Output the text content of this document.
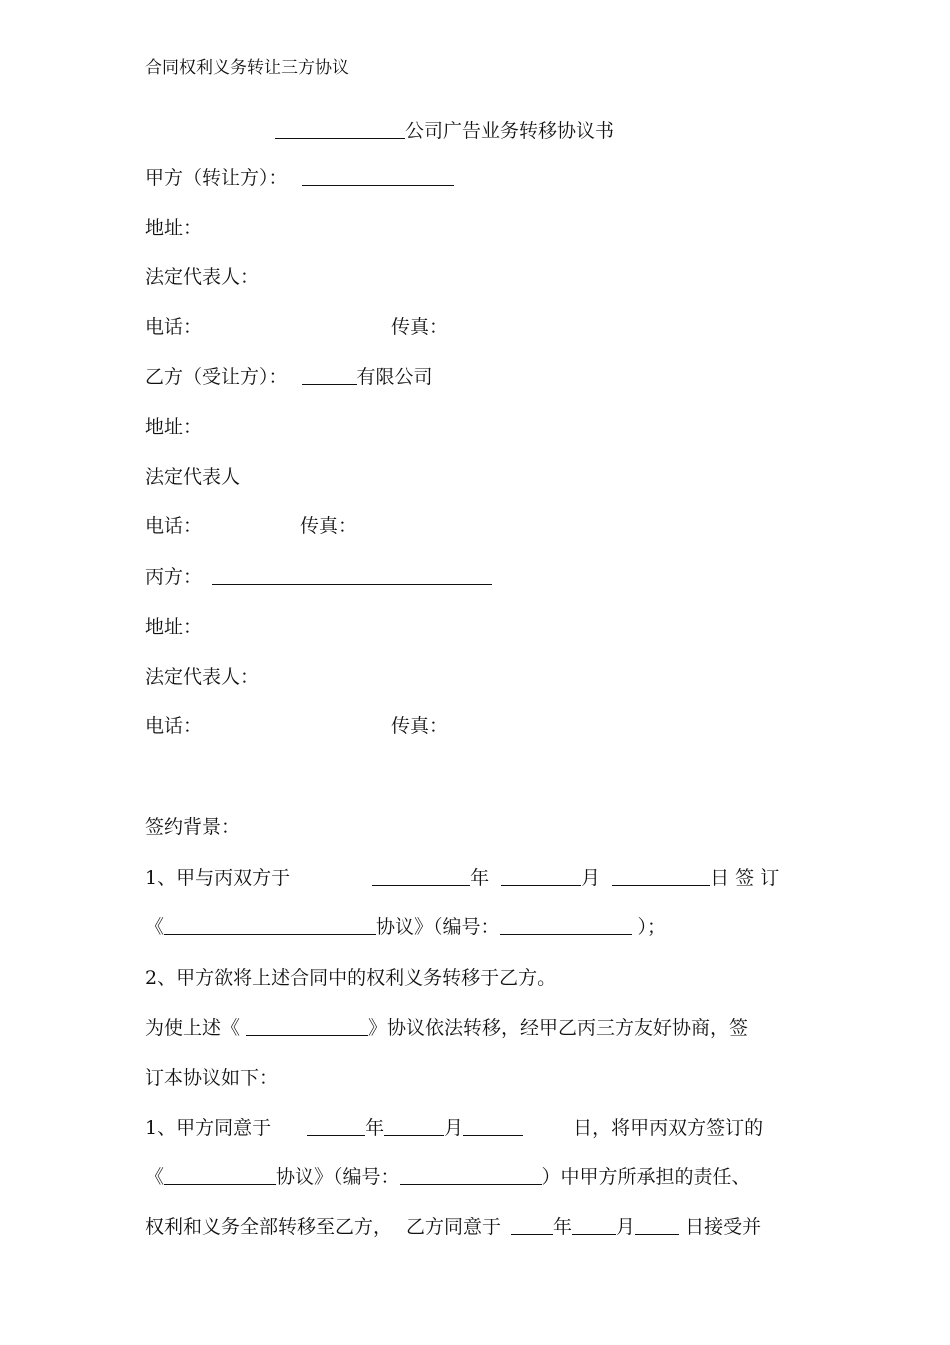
合同权利义务转让三方协议
公司广告业务转移协议书
甲方（转让方）：
地址：
法定代表人：
电话：	传真：
乙方（受让方）：	有限公司
地址：
法定代表人
电话：	传真：
丙方：
地址：
法定代表人：
电话：	传真：
签约背景：
1、甲与丙双方于	年	月	日 签 订
《	协议》（编号：	）；
2、甲方欲将上述合同中的权利义务转移于乙方。
为使上述《	》协议依法转移，经甲乙丙三方友好协商，签
订本协议如下：
1、甲方同意于	年	月	日，将甲丙双方签订的
《	协议》（编号：	）中甲方所承担的责任、
权利和义务全部转移至乙方， 乙方同意于	年 月	日接受并
